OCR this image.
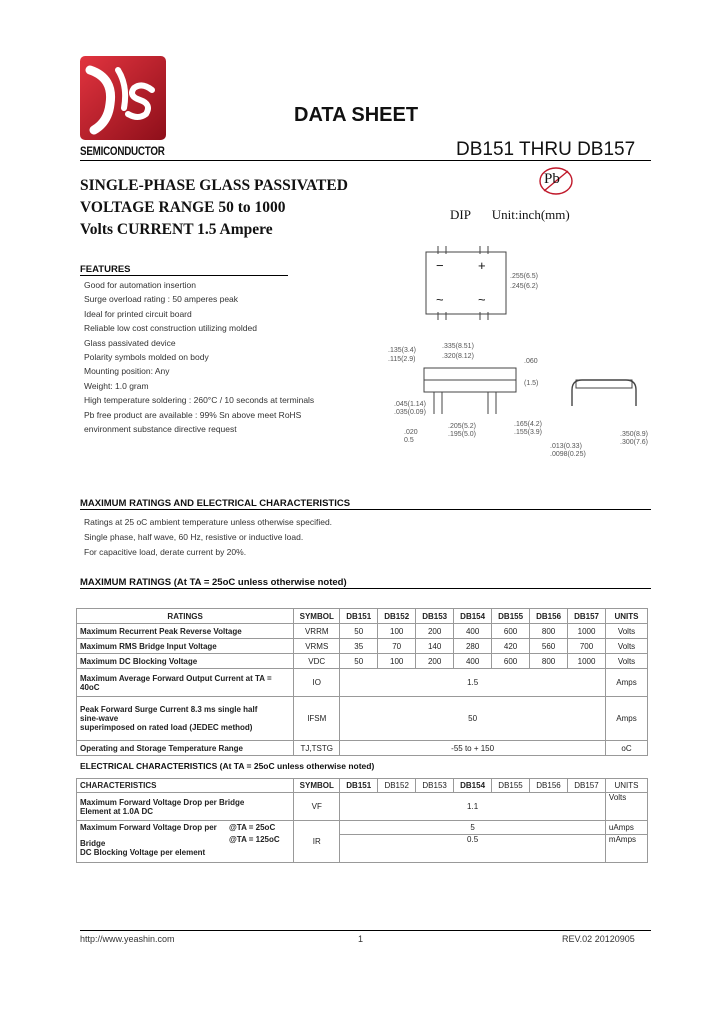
SEMICONDUCTOR
DATA SHEET
DB151 THRU DB157
Pb
SINGLE-PHASE GLASS PASSIVATED
VOLTAGE RANGE 50 to 1000
Volts CURRENT 1.5 Ampere
DIP Unit:inch(mm)
−	+
~	~
.255(6.5)
.245(6.2)
.335(8.51)
.320(8.12)
.135(3.4)
.115(2.9)	.060
(1.5)
.045(1.14)
.035(0.09)
.020
0.5
.205(5.2)
.195(5.0)
.165(4.2)
.155(3.9)
.013(0.33)
.0098(0.25)
.350(8.9)
.300(7.6)
FEATURES
Good for automation insertion
Surge overload rating : 50 amperes peak
Ideal for printed circuit board
Reliable low cost construction utilizing molded
Glass passivated device
Polarity symbols molded on body
Mounting position: Any
Weight: 1.0 gram
High temperature soldering : 260°C / 10 seconds at terminals
Pb free product are available : 99% Sn above meet RoHS
environment substance directive request
MAXIMUM RATINGS AND ELECTRICAL CHARACTERISTICS
Ratings at 25 oC ambient temperature unless otherwise specified.
Single phase, half wave, 60 Hz, resistive or inductive load.
For capacitive load, derate current by 20%.
MAXIMUM RATINGS (At TA = 25oC unless otherwise noted)
RATINGS	SYMBOL	DB151	DB152	DB153	DB154	DB155	DB156	DB157	UNITS
Maximum Recurrent Peak Reverse Voltage	VRRM	50	100	200	400	600	800	1000	Volts
Maximum RMS Bridge Input Voltage	VRMS	35	70	140	280	420	560	700	Volts
Maximum DC Blocking Voltage	VDC	50	100	200	400	600	800	1000	Volts

Maximum Average Forward Output Current at TA =
40oC	IO	1.5							Amps

Peak Forward Surge Current 8.3 ms single half
sine-wave
superimposed on rated load (JEDEC method)	IFSM	50							Amps
Operating and Storage Temperature Range	TJ,TSTG	-55 to + 150							oC
ELECTRICAL CHARACTERISTICS (At TA = 25oC unless otherwise noted)
CHARACTERISTICS		SYMBOL	DB151	DB152	DB153	DB154	DB155	DB156	DB157	UNITS

Maximum Forward Voltage Drop per Bridge
Element at 1.0A DC		VF	1.1							Volts
Maximum Forward Voltage Drop per	@TA = 25oC	IR	5							uAmps

Bridge
DC Blocking Voltage per element	@TA = 125oC		0.5							mAmps
http://www.yeashin.com	1	REV.02 20120905
